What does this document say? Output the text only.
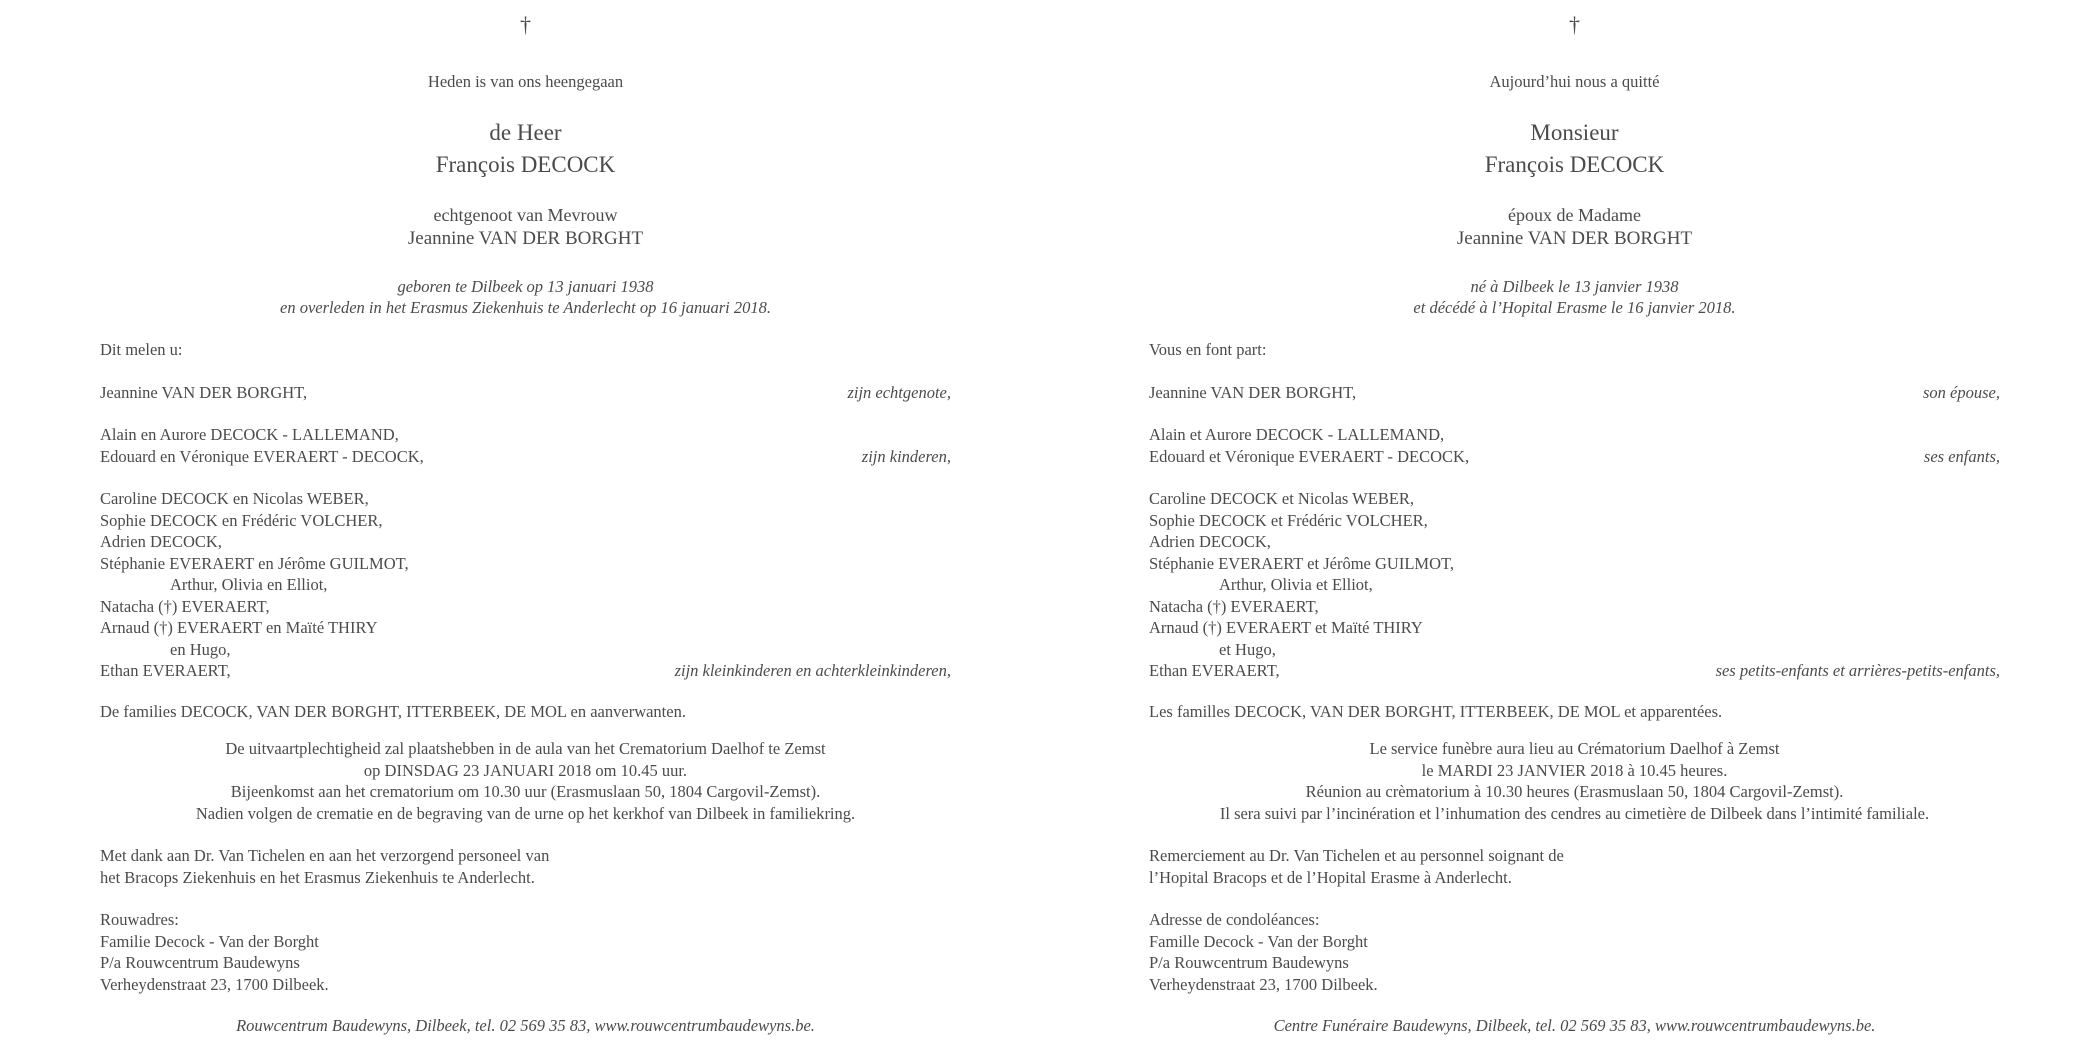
†
Heden is van ons heengegaan
de Heer
François DECOCK
echtgenoot van Mevrouw
Jeannine VAN DER BORGHT
geboren te Dilbeek op 13 januari 1938
en overleden in het Erasmus Ziekenhuis te Anderlecht op 16 januari 2018.
Dit melen u:
Jeannine VAN DER BORGHT,	zijn echtgenote,
Alain en Aurore DECOCK - LALLEMAND,
Edouard en Véronique EVERAERT - DECOCK,	zijn kinderen,
Caroline DECOCK en Nicolas WEBER,
Sophie DECOCK en Frédéric VOLCHER,
Adrien DECOCK,
Stéphanie EVERAERT en Jérôme GUILMOT,
Arthur, Olivia en Elliot,
Natacha (†) EVERAERT,
Arnaud (†) EVERAERT en Maïté THIRY
en Hugo,
Ethan EVERAERT,	zijn kleinkinderen en achterkleinkinderen,
De families DECOCK, VAN DER BORGHT, ITTERBEEK, DE MOL en aanverwanten.
De uitvaartplechtigheid zal plaatshebben in de aula van het Crematorium Daelhof te Zemst
op DINSDAG 23 JANUARI 2018 om 10.45 uur.
Bijeenkomst aan het crematorium om 10.30 uur (Erasmuslaan 50, 1804 Cargovil-Zemst).
Nadien volgen de crematie en de begraving van de urne op het kerkhof van Dilbeek in familiekring.
Met dank aan Dr. Van Tichelen en aan het verzorgend personeel van
het Bracops Ziekenhuis en het Erasmus Ziekenhuis te Anderlecht.
Rouwadres:
Familie Decock - Van der Borght
P/a Rouwcentrum Baudewyns
Verheydenstraat 23, 1700 Dilbeek.
Rouwcentrum Baudewyns, Dilbeek, tel. 02 569 35 83, www.rouwcentrumbaudewyns.be.
†
Aujourd’hui nous a quitté
Monsieur
François DECOCK
époux de Madame
Jeannine VAN DER BORGHT
né à Dilbeek le 13 janvier 1938
et décédé à l’Hopital Erasme le 16 janvier 2018.
Vous en font part:
Jeannine VAN DER BORGHT,	son épouse,
Alain et Aurore DECOCK - LALLEMAND,
Edouard et Véronique EVERAERT - DECOCK,	ses enfants,
Caroline DECOCK et Nicolas WEBER,
Sophie DECOCK et Frédéric VOLCHER,
Adrien DECOCK,
Stéphanie EVERAERT et Jérôme GUILMOT,
Arthur, Olivia et Elliot,
Natacha (†) EVERAERT,
Arnaud (†) EVERAERT et Maïté THIRY
et Hugo,
Ethan EVERAERT,	ses petits-enfants et arrières-petits-enfants,
Les familles DECOCK, VAN DER BORGHT, ITTERBEEK, DE MOL et apparentées.
Le service funèbre aura lieu au Crématorium Daelhof à Zemst
le MARDI 23 JANVIER 2018 à 10.45 heures.
Réunion au crèmatorium à 10.30 heures (Erasmuslaan 50, 1804 Cargovil-Zemst).
Il sera suivi par l’incinération et l’inhumation des cendres au cimetière de Dilbeek dans l’intimité familiale.
Remerciement au Dr. Van Tichelen et au personnel soignant de
l’Hopital Bracops et de l’Hopital Erasme à Anderlecht.
Adresse de condoléances:
Famille Decock - Van der Borght
P/a Rouwcentrum Baudewyns
Verheydenstraat 23, 1700 Dilbeek.
Centre Funéraire Baudewyns, Dilbeek, tel. 02 569 35 83, www.rouwcentrumbaudewyns.be.
